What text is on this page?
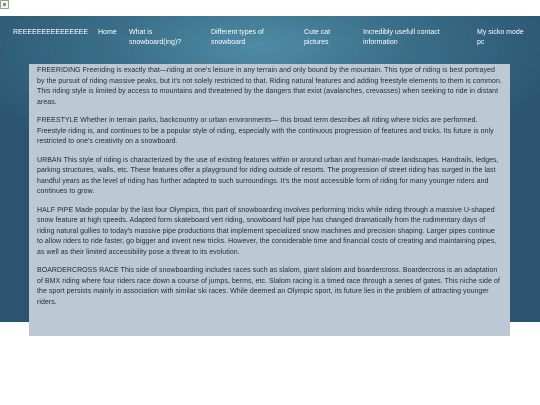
REEEEEEEEEEEEEEE Home What is snowboard(ing)?
Different types of snowboard
Cute cat pictures
Incredibly usefull contact information
My sicko mode pc

FREERIDING Freeriding is exactly that—riding at one's leisure in any terrain and only bound by the mountain. This type of riding is best portrayed by the pursuit of riding massive peaks, but it's not solely restricted to that. Riding natural features and adding freestyle elements to them is common. This riding style is limited by access to mountains and threatened by the dangers that exist (avalanches, crevasses) when seeking to ride in distant areas.

FREESTYLE Whether in terrain parks, backcountry or urban environments— this broad term describes all riding where tricks are performed. Freestyle riding is, and continues to be a popular style of riding, especially with the continuous progression of features and tricks. Its future is only restricted to one's creativity on a snowboard.

URBAN This style of riding is characterized by the use of existing features within or around urban and human-made landscapes. Handrails, ledges, parking structures, walls, etc. These features offer a playground for riding outside of resorts. The progression of street riding has surged in the last handful years as the level of riding has further adapted to such surroundings. It's the most accessible form of riding for many younger riders and continues to grow.

HALF PIPE Made popular by the last four Olympics, this part of snowboarding involves performing tricks while riding through a massive U-shaped snow feature at high speeds. Adapted form skateboard vert riding, snowboard half pipe has changed dramatically from the rudimentary days of riding natural gullies to today's massive pipe productions that implement specialized snow machines and precision shaping. Larger pipes continue to allow riders to ride faster, go bigger and invent new tricks. However, the considerable time and financial costs of creating and maintaining pipes, as well as their limited accessibility pose a threat to its evolution.

BOARDERCROSS RACE This side of snowboarding includes races such as slalom, giant slalom and boardercross. Boardercross is an adaptation of BMX riding where four riders race down a course of jumps, berms, etc. Slalom racing is a timed race through a series of gates. This niche side of the sport persists mainly in association with similar ski races. While deemed an Olympic sport, its future lies in the problem of attracting younger riders.
